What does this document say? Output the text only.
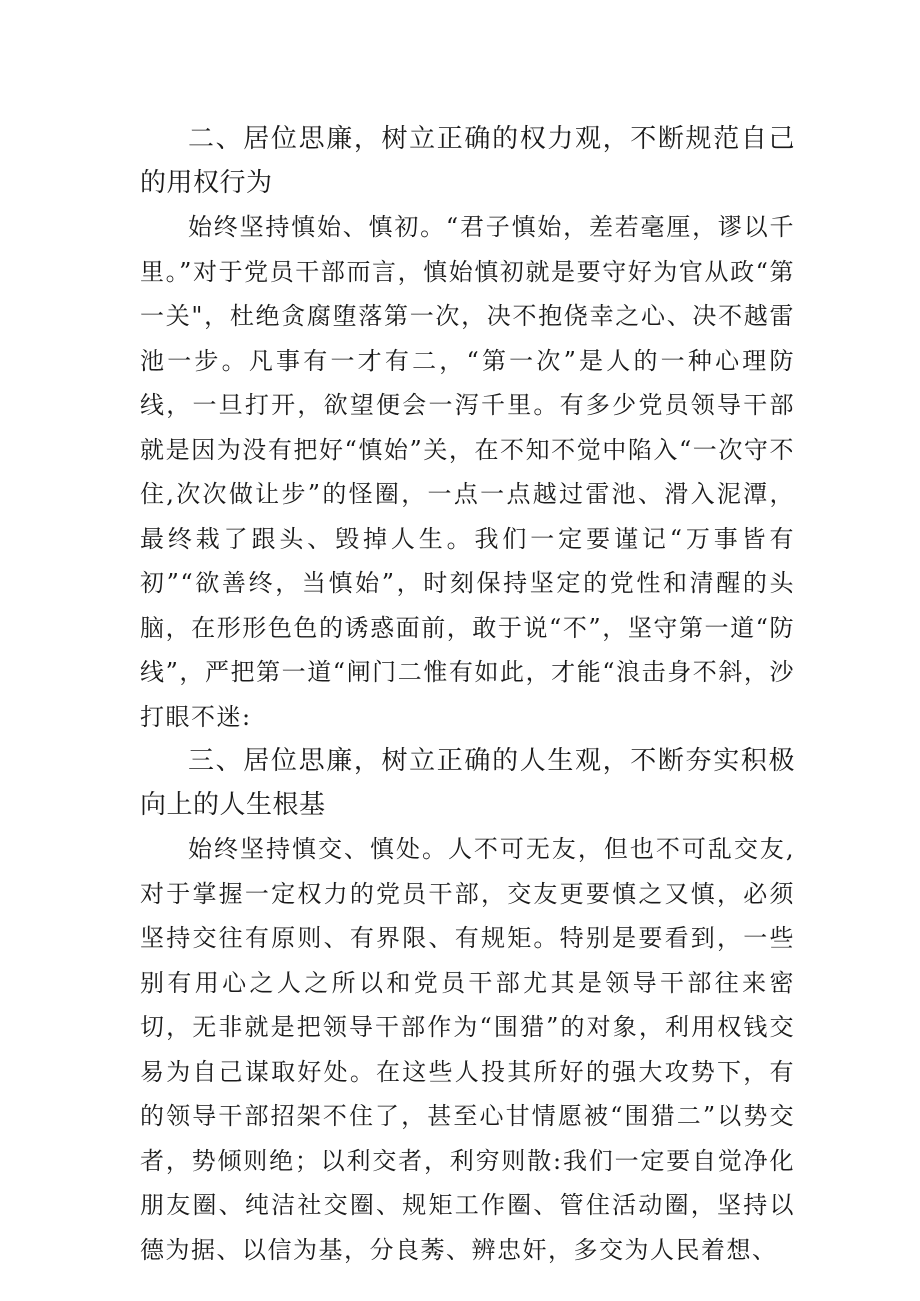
二、居位思廉，树立正确的权力观，不断规范自己的用权行为

始终坚持慎始、慎初。“君子慎始，差若毫厘，谬以千里。”对于党员干部而言，慎始慎初就是要守好为官从政“第一关"，杜绝贪腐堕落第一次，决不抱侥幸之心、决不越雷池一步。凡事有一才有二，“第一次”是人的一种心理防线，一旦打开，欲望便会一泻千里。有多少党员领导干部就是因为没有把好“慎始”关，在不知不觉中陷入“一次守不住,次次做让步”的怪圈，一点一点越过雷池、滑入泥潭，最终栽了跟头、毁掉人生。我们一定要谨记“万事皆有初”“欲善终，当慎始”，时刻保持坚定的党性和清醒的头脑，在形形色色的诱惑面前，敢于说“不”，坚守第一道“防线”，严把第一道“闸门二惟有如此，才能“浪击身不斜，沙打眼不迷:

三、居位思廉，树立正确的人生观，不断夯实积极向上的人生根基

始终坚持慎交、慎处。人不可无友，但也不可乱交友,对于掌握一定权力的党员干部，交友更要慎之又慎，必须坚持交往有原则、有界限、有规矩。特别是要看到，一些别有用心之人之所以和党员干部尤其是领导干部往来密切，无非就是把领导干部作为“围猎”的对象，利用权钱交易为自己谋取好处。在这些人投其所好的强大攻势下，有的领导干部招架不住了，甚至心甘情愿被“围猎二”以势交者，势倾则绝；以利交者，利穷则散:我们一定要自觉净化朋友圈、纯洁社交圈、规矩工作圈、管住活动圈，坚持以德为据、以信为基，分良莠、辨忠奸，多交为人民着想、
